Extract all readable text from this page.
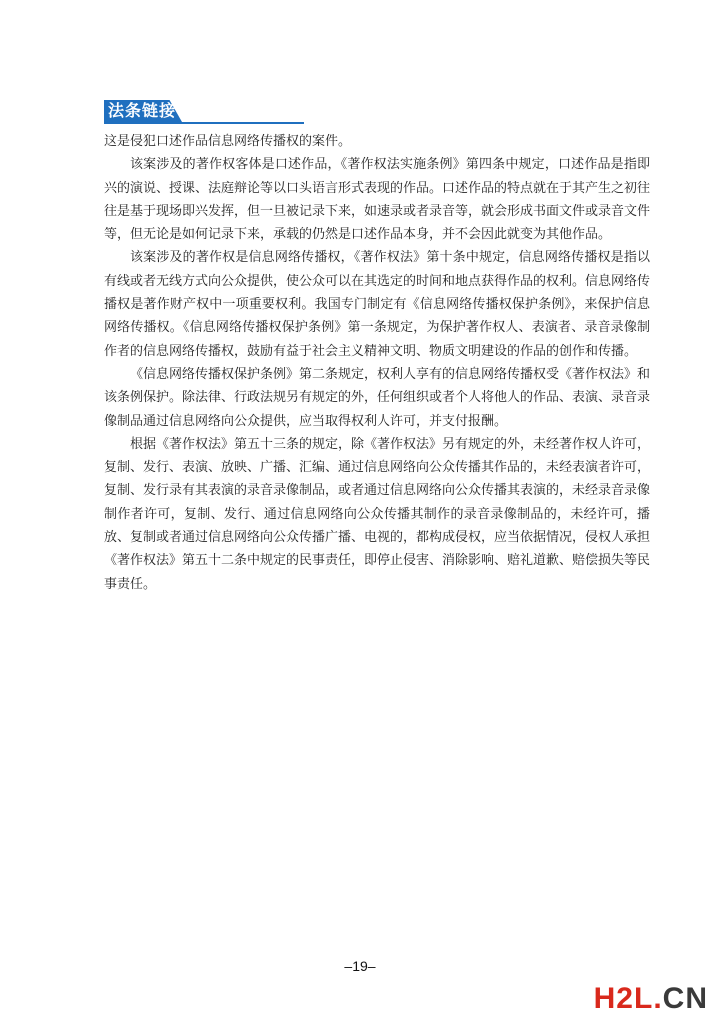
法条链接

这是侵犯口述作品信息网络传播权的案件。

该案涉及的著作权客体是口述作品，《著作权法实施条例》第四条中规定，口述作品是指即兴的演说、授课、法庭辩论等以口头语言形式表现的作品。口述作品的特点就在于其产生之初往往是基于现场即兴发挥，但一旦被记录下来，如速录或者录音等，就会形成书面文件或录音文件等，但无论是如何记录下来，承载的仍然是口述作品本身，并不会因此就变为其他作品。

该案涉及的著作权是信息网络传播权，《著作权法》第十条中规定，信息网络传播权是指以有线或者无线方式向公众提供，使公众可以在其选定的时间和地点获得作品的权利。信息网络传播权是著作财产权中一项重要权利。我国专门制定有《信息网络传播权保护条例》，来保护信息网络传播权。《信息网络传播权保护条例》第一条规定，为保护著作权人、表演者、录音录像制作者的信息网络传播权，鼓励有益于社会主义精神文明、物质文明建设的作品的创作和传播。

《信息网络传播权保护条例》第二条规定，权利人享有的信息网络传播权受《著作权法》和该条例保护。除法律、行政法规另有规定的外，任何组织或者个人将他人的作品、表演、录音录像制品通过信息网络向公众提供，应当取得权利人许可，并支付报酬。

根据《著作权法》第五十三条的规定，除《著作权法》另有规定的外，未经著作权人许可，复制、发行、表演、放映、广播、汇编、通过信息网络向公众传播其作品的，未经表演者许可，复制、发行录有其表演的录音录像制品，或者通过信息网络向公众传播其表演的，未经录音录像制作者许可，复制、发行、通过信息网络向公众传播其制作的录音录像制品的，未经许可，播放、复制或者通过信息网络向公众传播广播、电视的，都构成侵权，应当依据情况，侵权人承担《著作权法》第五十二条中规定的民事责任，即停止侵害、消除影响、赔礼道歉、赔偿损失等民事责任。

–19–
H2L.CN
